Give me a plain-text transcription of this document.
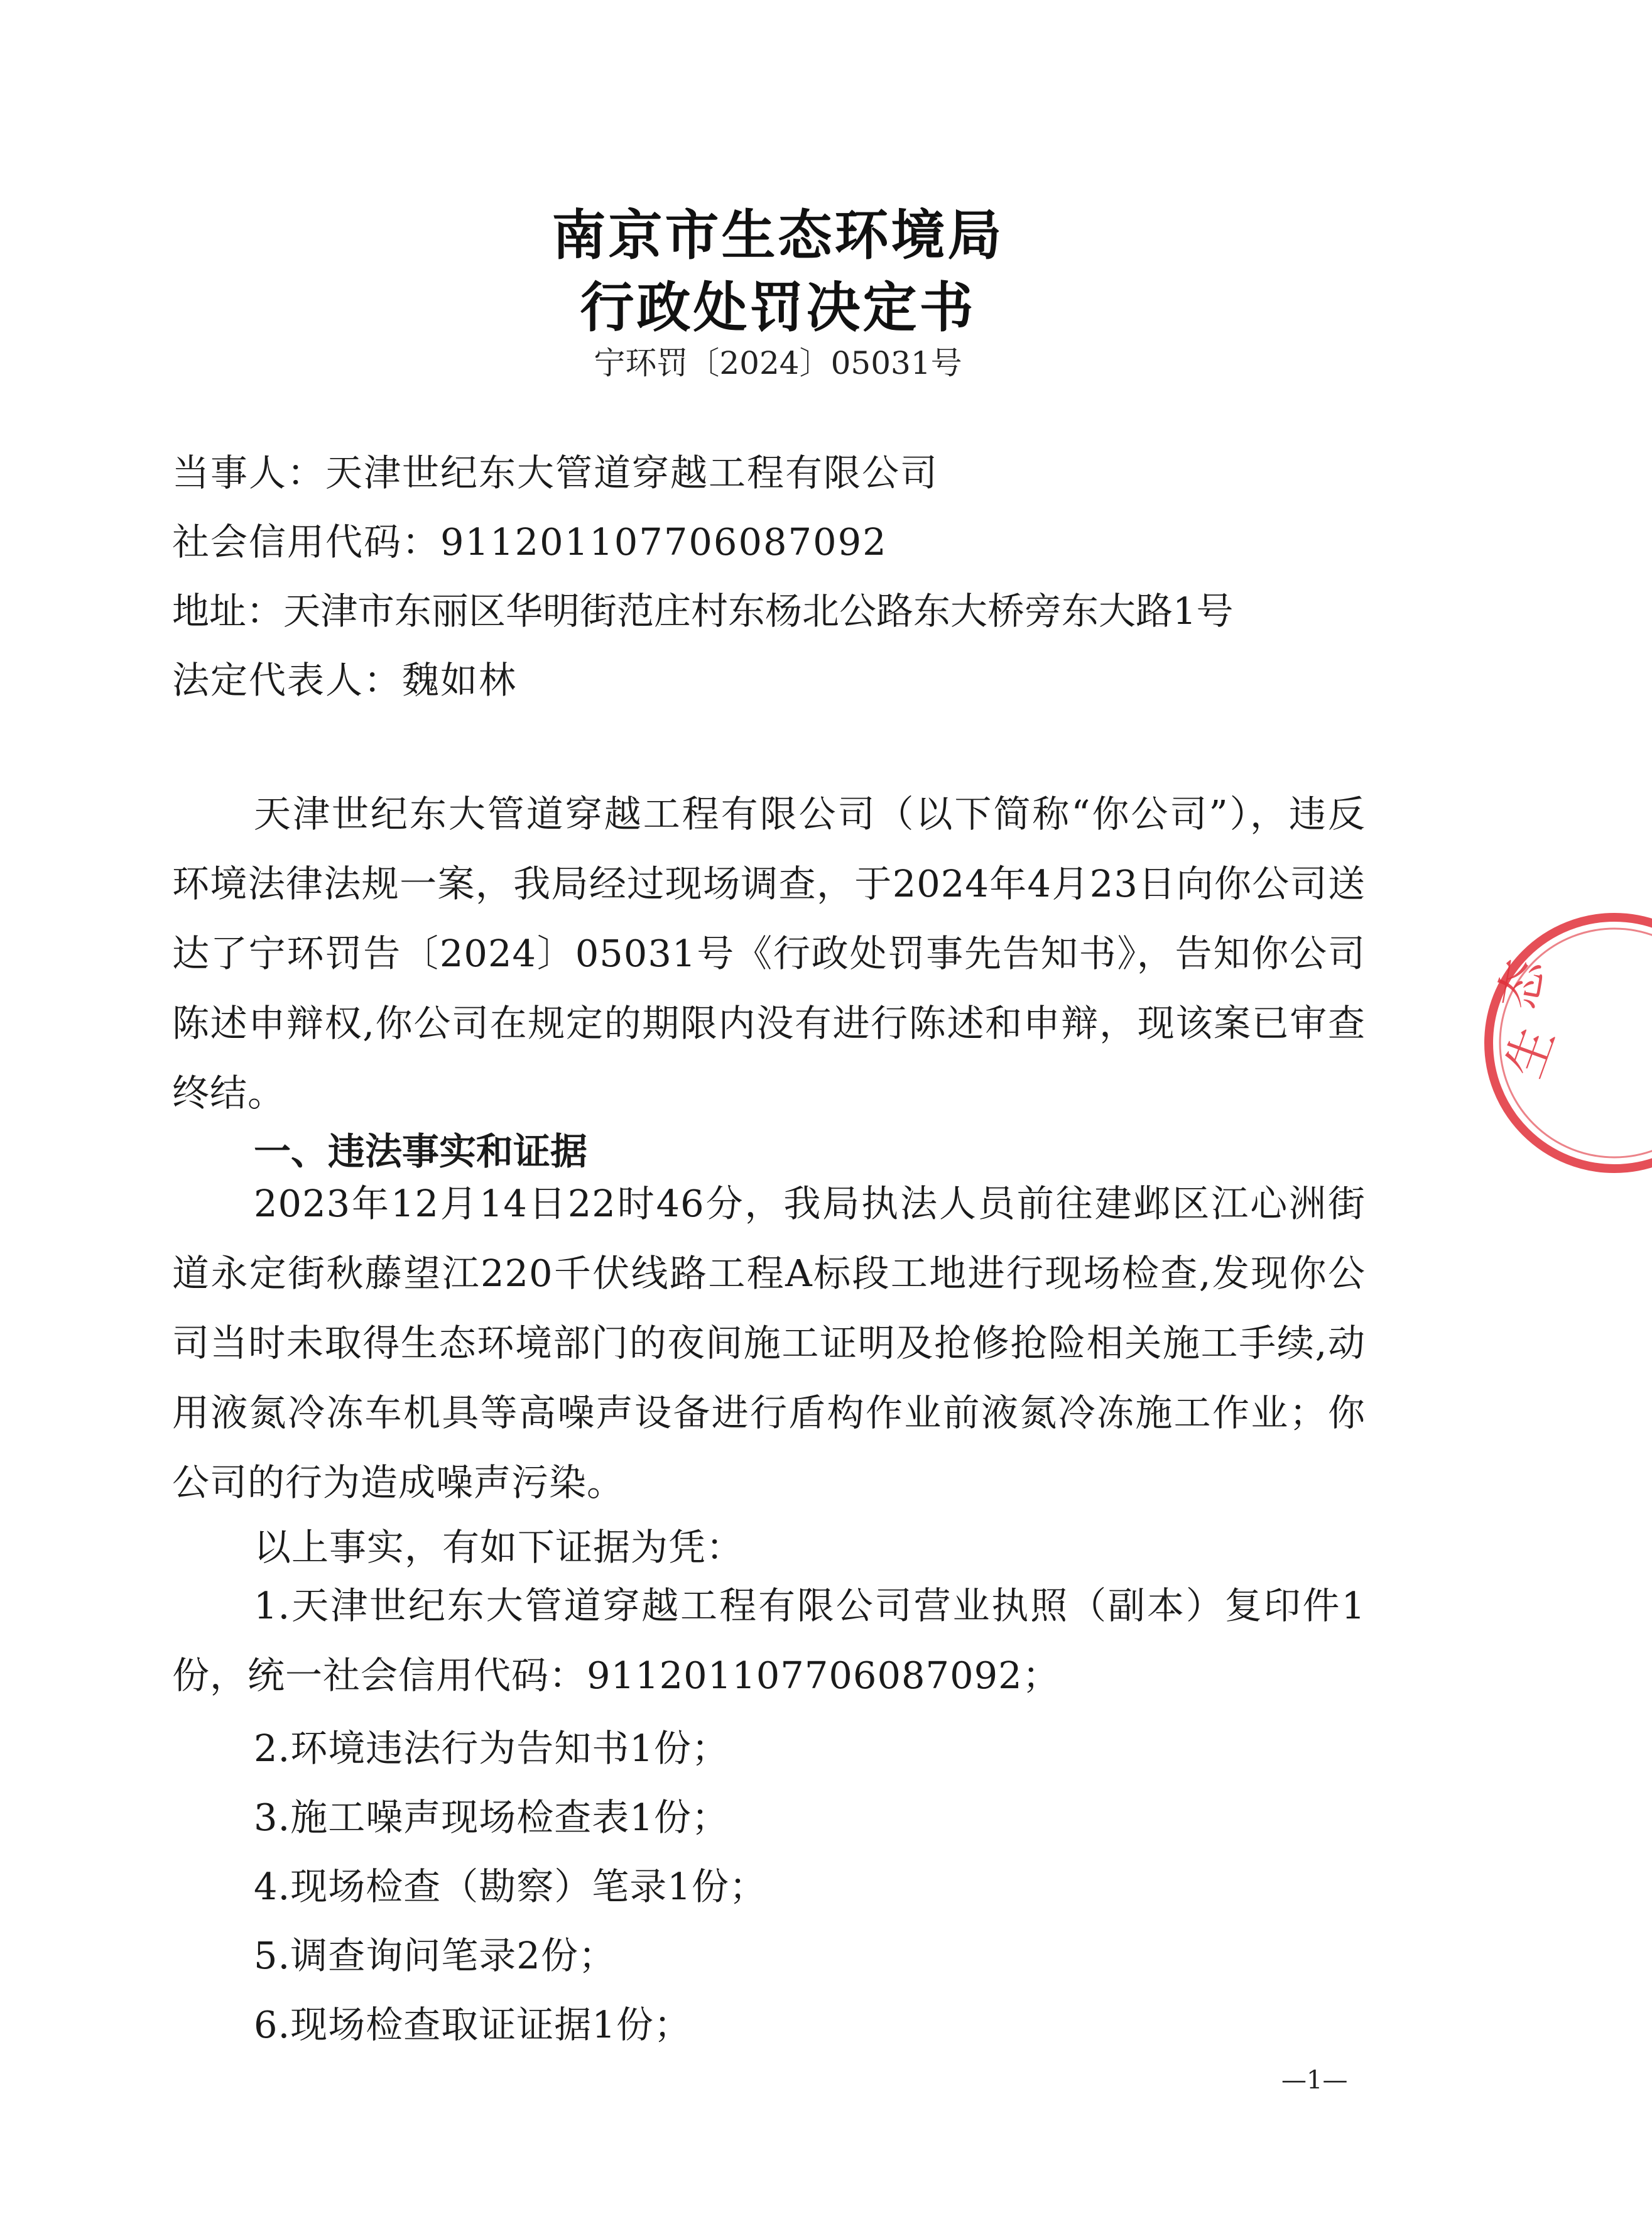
南京市生态环境局
行政处罚决定书
宁环罚〔2024〕05031号
当事人：天津世纪东大管道穿越工程有限公司
社会信用代码：911201107706087092
地址：天津市东丽区华明街范庄村东杨北公路东大桥旁东大路1号
法定代表人：魏如林
天津世纪东大管道穿越工程有限公司（以下简称“你公司”），违反环境法律法规一案，我局经过现场调查，于2024年4月23日向你公司送达了宁环罚告〔2024〕05031号《行政处罚事先告知书》，告知你公司陈述申辩权,你公司在规定的期限内没有进行陈述和申辩，现该案已审查终结。
一、违法事实和证据
2023年12月14日22时46分，我局执法人员前往建邺区江心洲街道永定街秋藤望江220千伏线路工程A标段工地进行现场检查,发现你公司当时未取得生态环境部门的夜间施工证明及抢修抢险相关施工手续,动用液氮冷冻车机具等高噪声设备进行盾构作业前液氮冷冻施工作业；你公司的行为造成噪声污染。
以上事实，有如下证据为凭：
1.天津世纪东大管道穿越工程有限公司营业执照（副本）复印件1份，统一社会信用代码：911201107706087092；
2.环境违法行为告知书1份；
3.施工噪声现场检查表1份；
4.现场检查（勘察）笔录1份；
5.调查询问笔录2份；
6.现场检查取证证据1份；
—1—
生
态
